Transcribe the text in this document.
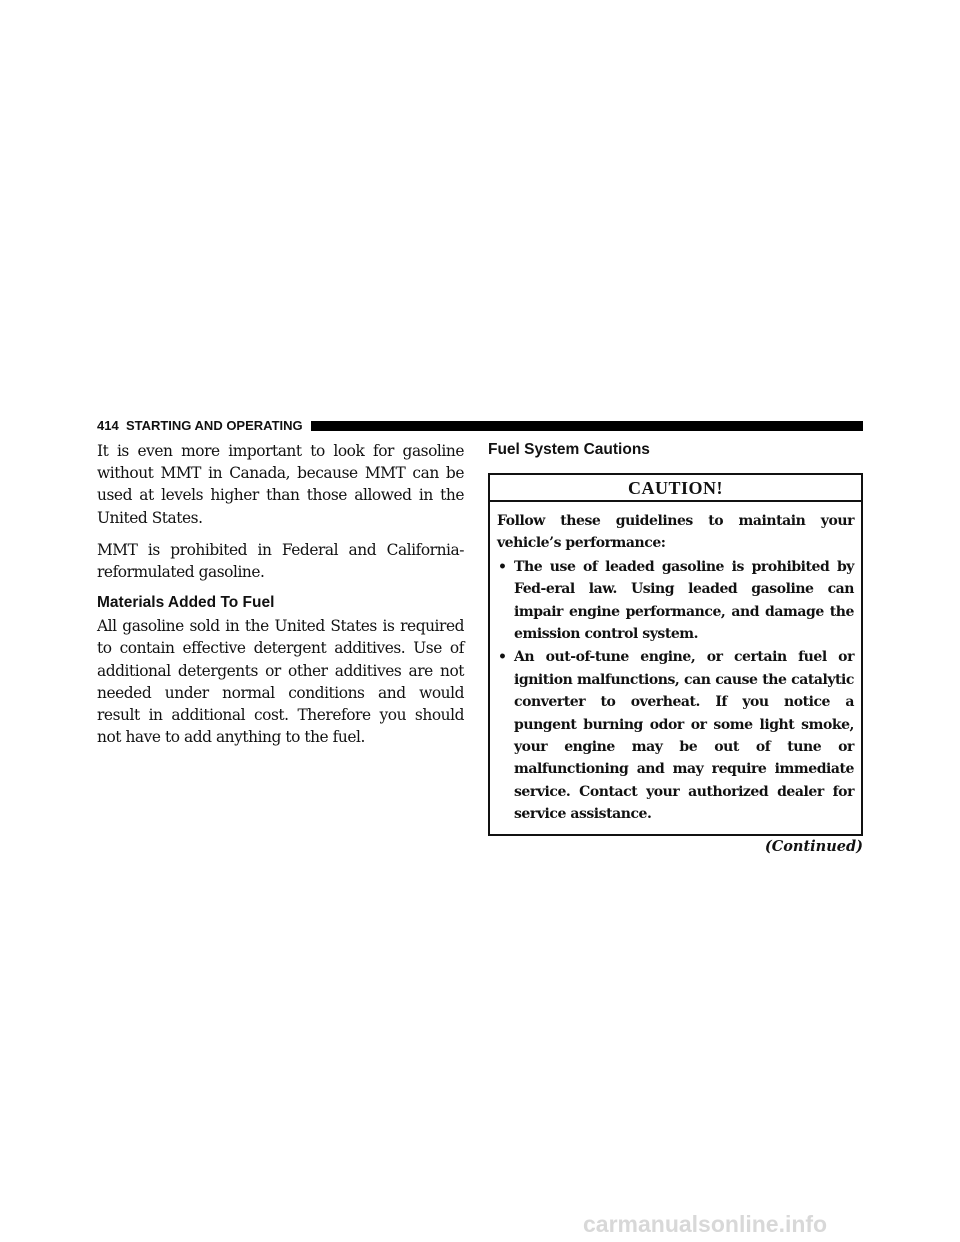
414 STARTING AND OPERATING

It is even more important to look for gasoline without MMT in Canada, because MMT can be used at levels higher than those allowed in the United States.

MMT is prohibited in Federal and California-reformulated gasoline.

Materials Added To Fuel

All gasoline sold in the United States is required to contain effective detergent additives. Use of additional detergents or other additives are not needed under normal conditions and would result in additional cost. Therefore you should not have to add anything to the fuel.

Fuel System Cautions
CAUTION!

Follow these guidelines to maintain your vehicle’s performance:

• The use of leaded gasoline is prohibited by Fed-eral law. Using leaded gasoline can impair engine performance, and damage the emission control system.
• An out-of-tune engine, or certain fuel or ignition malfunctions, can cause the catalytic converter to overheat. If you notice a pungent burning odor or some light smoke, your engine may be out of tune or malfunctioning and may require immediate service. Contact your authorized dealer for service assistance.
(Continued)
carmanualsonline.info
